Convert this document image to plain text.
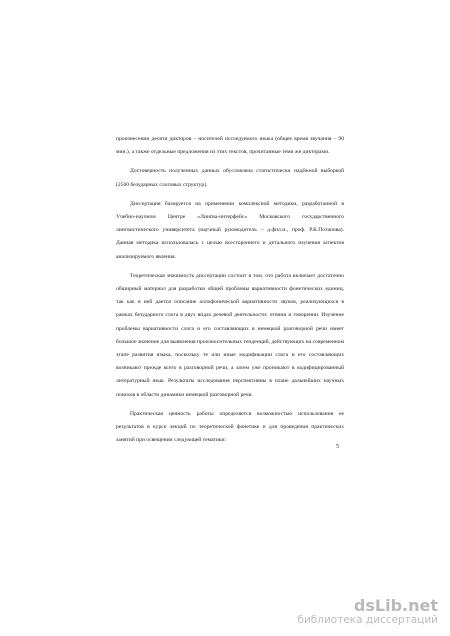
произнесении десяти дикторов – носителей исследуемого языка (общее время звучания – 90 мин.), а также отдельные предложения из этих текстов, прочитанные теми же дикторами.

Достоверность полученных данных обусловлена статистически надёжной выборкой (2560 безударных слоговых структур).

Диссертация базируется на применении комплексной методики, разработанной в Учебно-научном Центре «Лингва-интерфейс» Московского государственного лингвистического университета (научный руководитель – д.фил.н., проф. Р.К.Потапова). Данная методика использовалась с целью всестороннего и детального изучения аспектов анализируемого явления.

Теоретическая значимость диссертации состоит в том, что работа включает достаточно обширный материал для разработки общей проблемы вариативности фонетических единиц, так как в ней дается описание аллофонической вариативности звуков, реализующихся в рамках безударного слога в двух видах речевой деятельности: чтении и говорении. Изучение проблемы вариативности слога и его составляющих в немецкой разговорной речи имеет большое значение для выявления произносительных тенденций, действующих на современном этапе развития языка, поскольку те или иные модификации слога и его составляющих возникают прежде всего в разговорной речи, а затем уже проникают в кодифицированный литературный язык. Результаты исследования перспективны в плане дальнейших научных поисков в области динамики немецкой разговорной речи.

Практическая ценность работы определяется возможностью использования ее результатов в курсе лекций по теоретической фонетике и для проведения практических занятий при освещении следующей тематики:

5
dsLib.net
библиотека диссертаций
